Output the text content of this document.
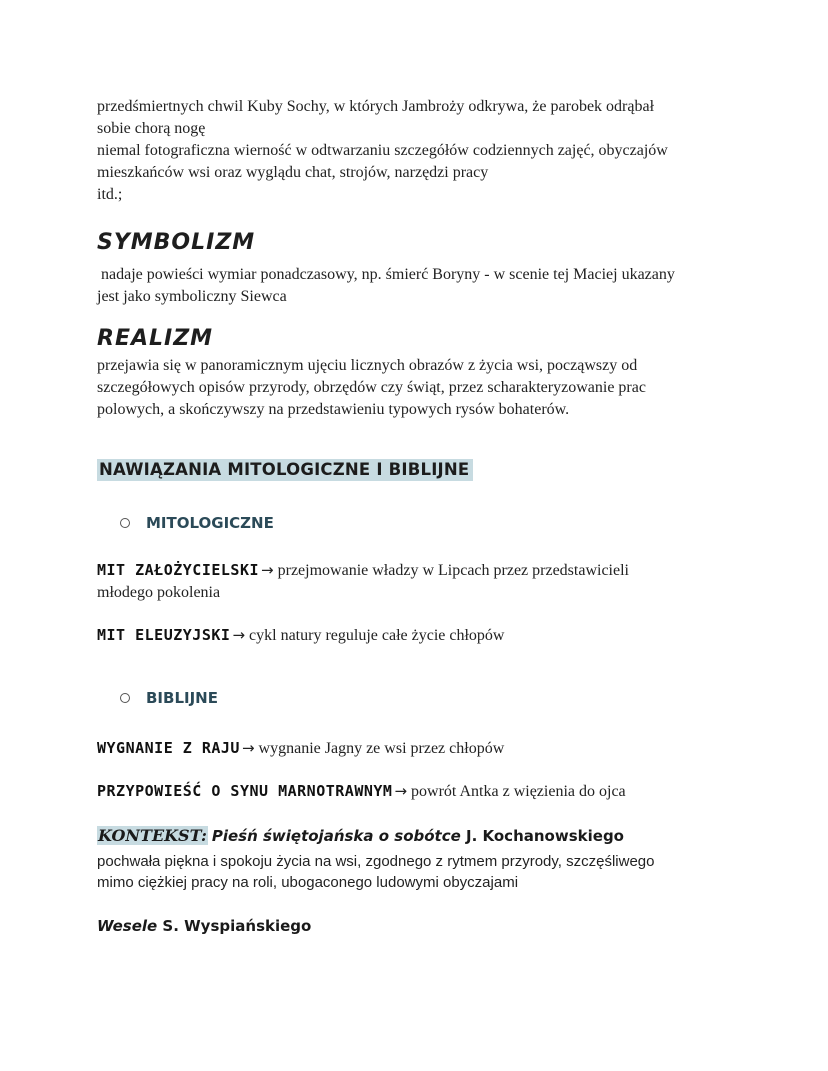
przedśmiertnych chwil Kuby Sochy, w których Jambroży odkrywa, że parobek odrąbał
sobie chorą nogę
niemal fotograficzna wierność w odtwarzaniu szczegółów codziennych zajęć, obyczajów
mieszkańców wsi oraz wyglądu chat, strojów, narzędzi pracy
itd.;
SYMBOLIZM
nadaje powieści wymiar ponadczasowy, np. śmierć Boryny - w scenie tej Maciej ukazany
jest jako symboliczny Siewca
REALIZM
przejawia się w panoramicznym ujęciu licznych obrazów z życia wsi, począwszy od
szczegółowych opisów przyrody, obrzędów czy świąt, przez scharakteryzowanie prac
polowych, a skończywszy na przedstawieniu typowych rysów bohaterów.
NAWIĄZANIA MITOLOGICZNE I BIBLIJNE
MITOLOGICZNE
MIT ZAŁOŻYCIELSKI → przejmowanie władzy w Lipcach przez przedstawicieli
młodego pokolenia
MIT ELEUZYJSKI → cykl natury reguluje całe życie chłopów
BIBLIJNE
WYGNANIE Z RAJU → wygnanie Jagny ze wsi przez chłopów
PRZYPOWIEŚĆ O SYNU MARNOTRAWNYM → powrót Antka z więzienia do ojca
KONTEKST: Pieśń świętojańska o sobótce J. Kochanowskiego
pochwała piękna i spokoju życia na wsi, zgodnego z rytmem przyrody, szczęśliwego
mimo ciężkiej pracy na roli, ubogaconego ludowymi obyczajami
Wesele S. Wyspiańskiego
